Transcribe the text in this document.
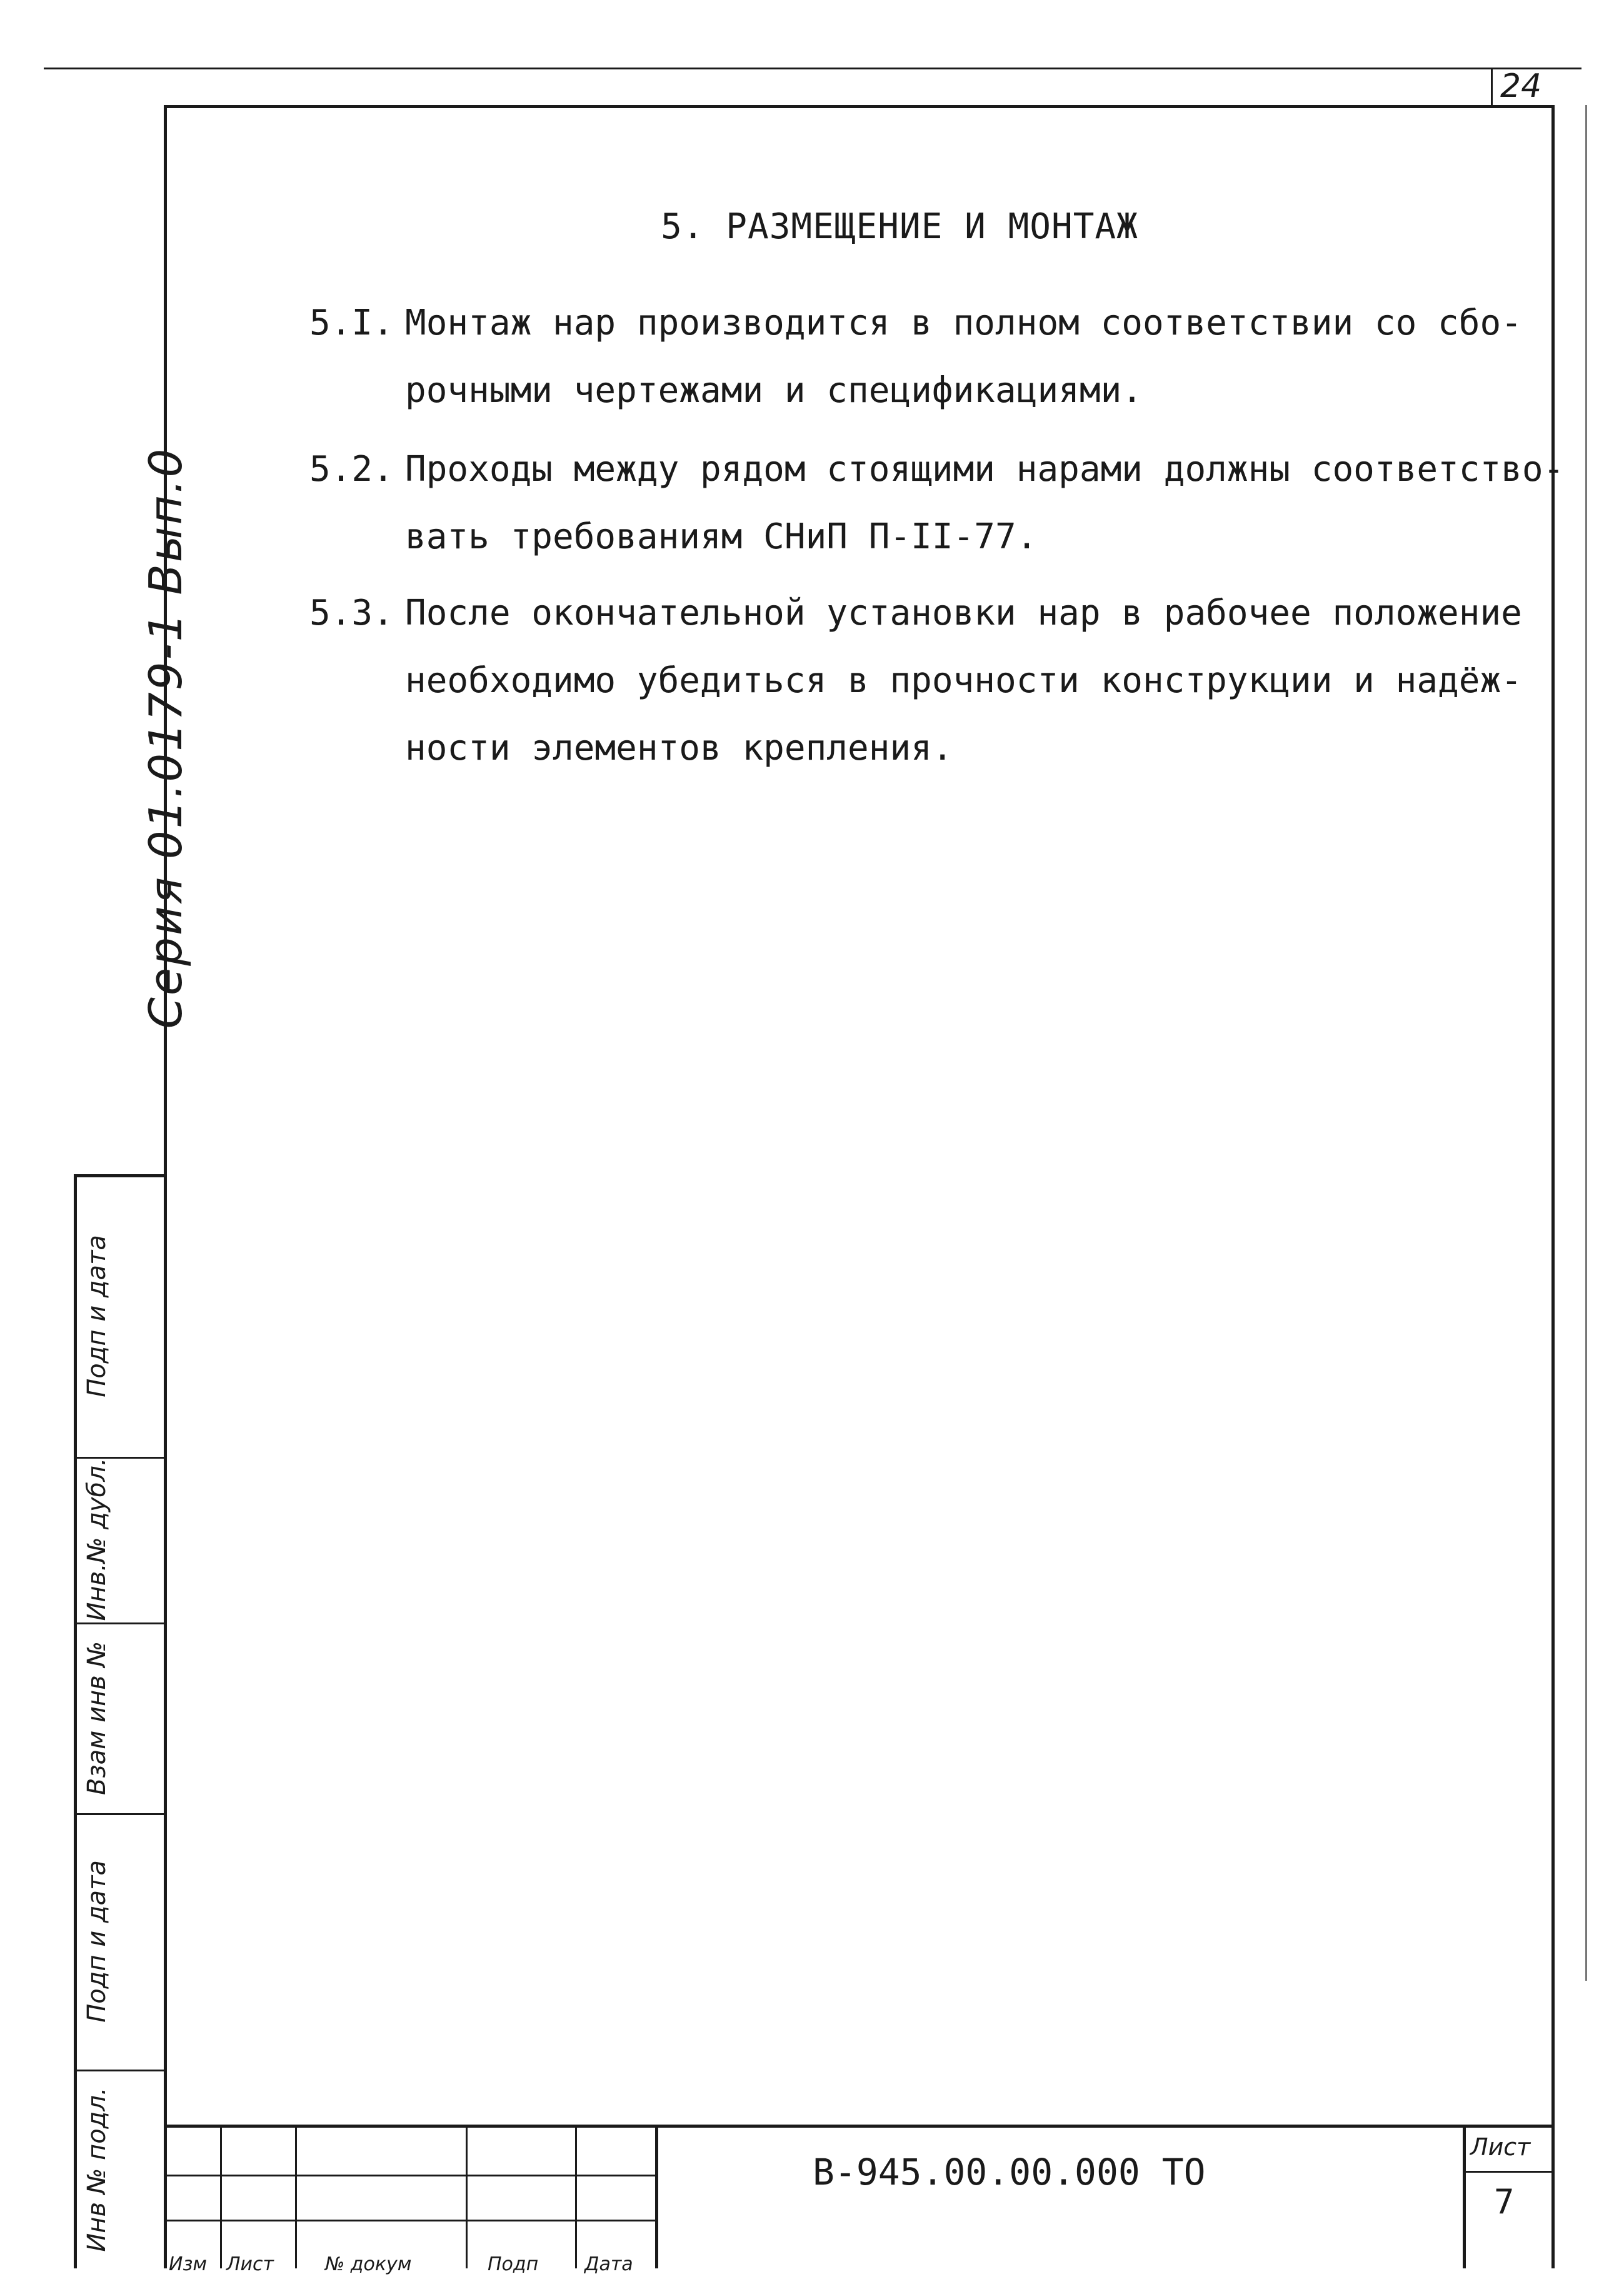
24
5. РАЗМЕЩЕНИЕ И МОНТАЖ
5.I. Монтаж нар производится в полном соответствии со сбо-
рочными чертежами и спецификациями.
5.2. Проходы между рядом стоящими нарами должны соответство-
вать требованиям СНиП П-II-77.
5.3. После окончательной установки нар в рабочее положение
необходимо убедиться в прочности конструкции и надёж-
ности элементов крепления.
Серия 01.0179-1 Вып.0
Подп и дата
Инв.№ дубл.
Взам инв №
Подп и дата
Инв № подл.
Изм Лист	№ докум	Подп Дата
В-945.00.00.000 ТО
Лист
7
